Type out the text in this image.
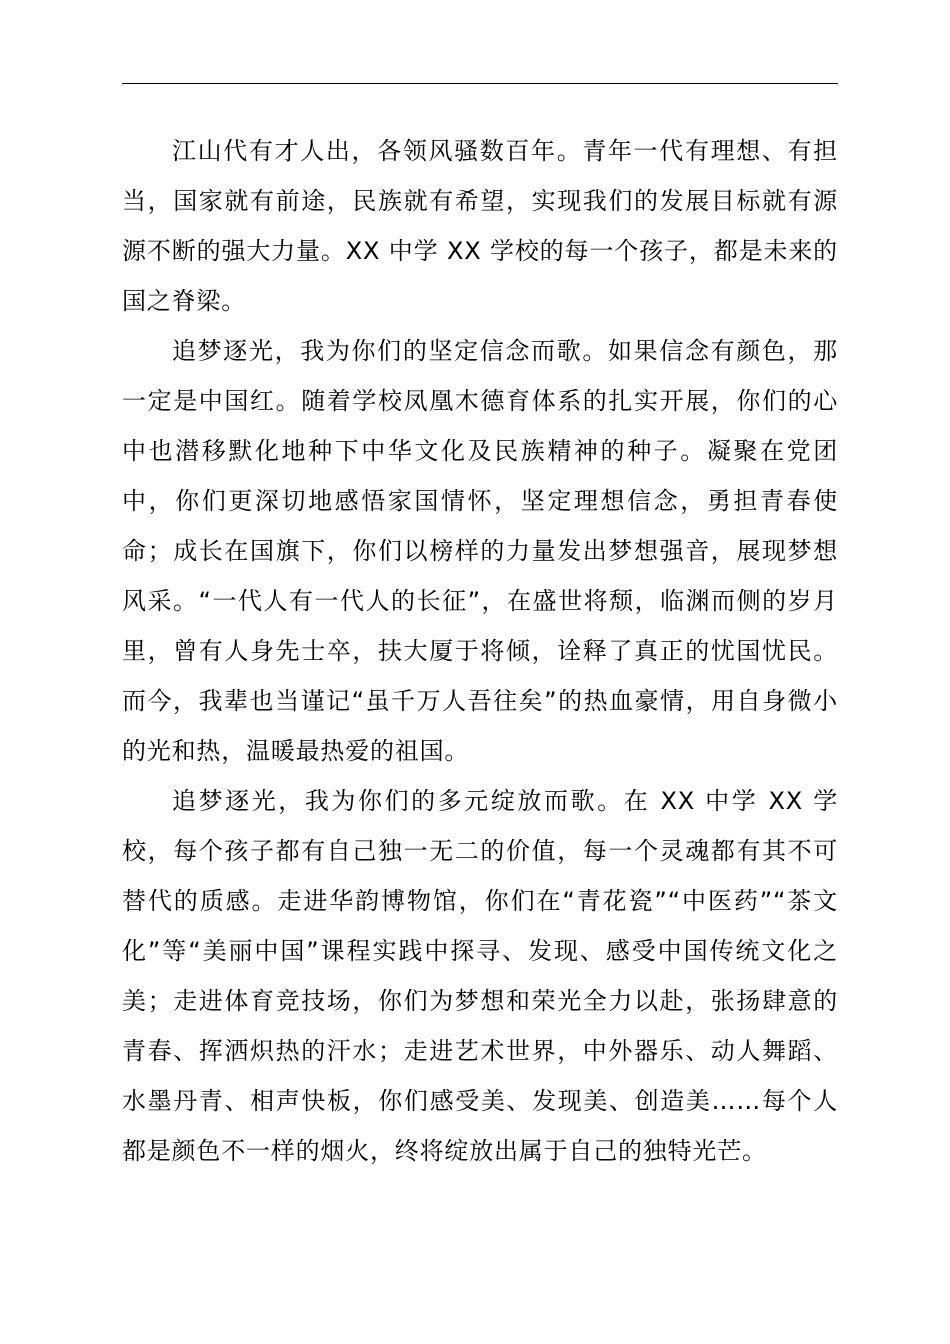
江山代有才人出，各领风骚数百年。青年一代有理想、有担当，国家就有前途，民族就有希望，实现我们的发展目标就有源源不断的强大力量。XX 中学 XX 学校的每一个孩子，都是未来的国之脊梁。

追梦逐光，我为你们的坚定信念而歌。如果信念有颜色，那一定是中国红。随着学校凤凰木德育体系的扎实开展，你们的心中也潜移默化地种下中华文化及民族精神的种子。凝聚在党团中，你们更深切地感悟家国情怀，坚定理想信念，勇担青春使命；成长在国旗下，你们以榜样的力量发出梦想强音，展现梦想风采。“一代人有一代人的长征”，在盛世将颓，临渊而侧的岁月里，曾有人身先士卒，扶大厦于将倾，诠释了真正的忧国忧民。而今，我辈也当谨记“虽千万人吾往矣”的热血豪情，用自身微小的光和热，温暖最热爱的祖国。

追梦逐光，我为你们的多元绽放而歌。在 XX 中学 XX 学校，每个孩子都有自己独一无二的价值，每一个灵魂都有其不可替代的质感。走进华韵博物馆，你们在“青花瓷”“中医药”“茶文化”等“美丽中国”课程实践中探寻、发现、感受中国传统文化之美；走进体育竞技场，你们为梦想和荣光全力以赴，张扬肆意的青春、挥洒炽热的汗水；走进艺术世界，中外器乐、动人舞蹈、水墨丹青、相声快板，你们感受美、发现美、创造美……每个人都是颜色不一样的烟火，终将绽放出属于自己的独特光芒。
